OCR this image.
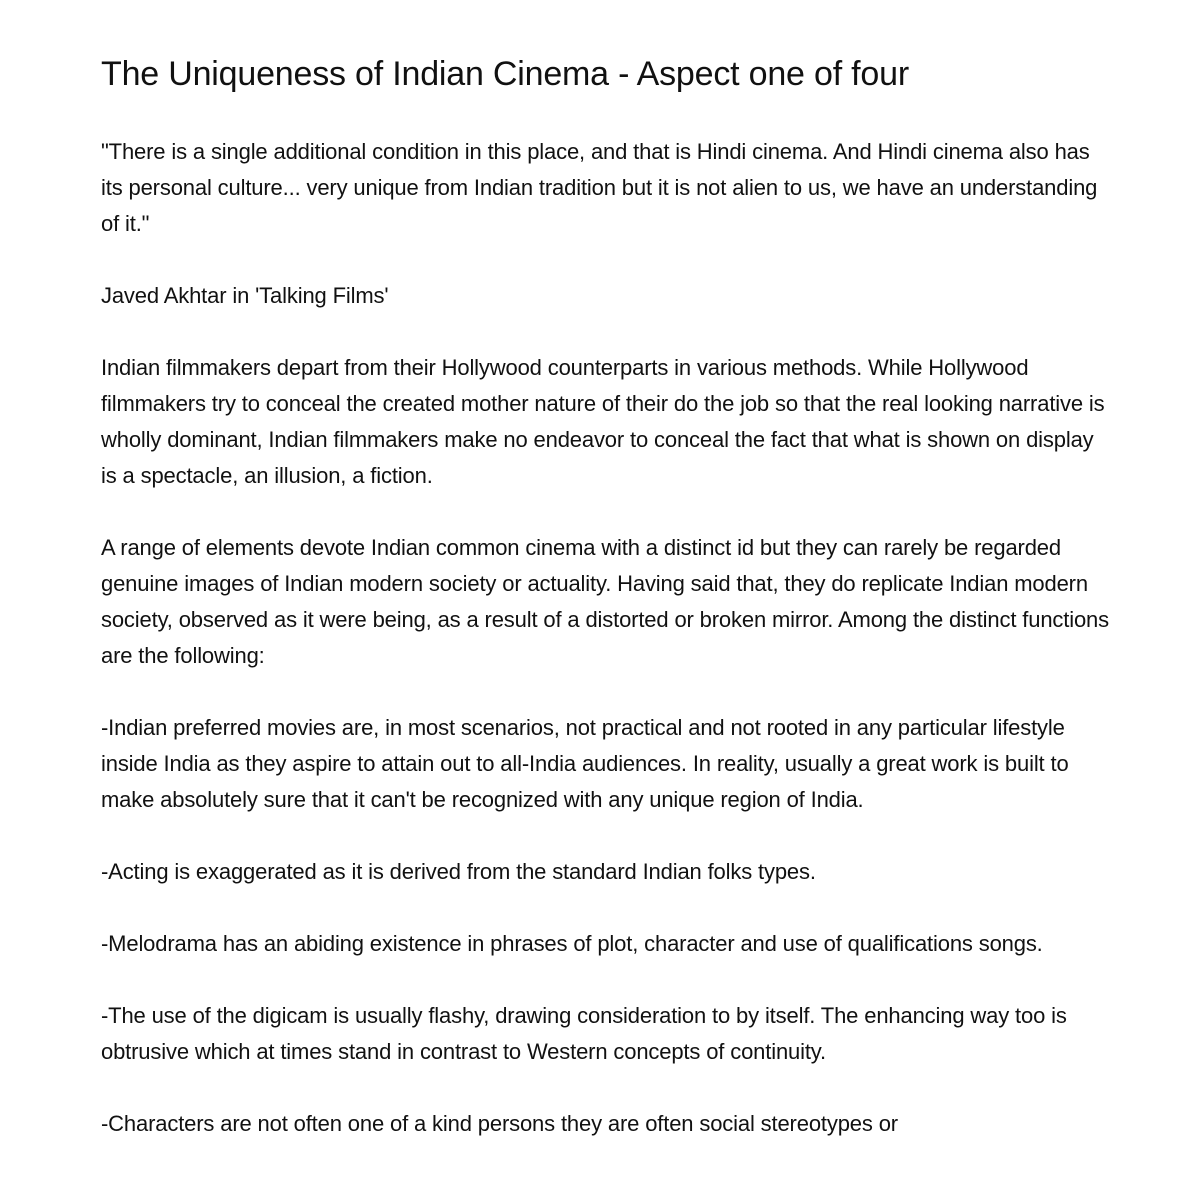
The Uniqueness of Indian Cinema - Aspect one of four

"There is a single additional condition in this place, and that is Hindi cinema. And Hindi cinema also has its personal culture... very unique from Indian tradition but it is not alien to us, we have an understanding of it."

Javed Akhtar in 'Talking Films'

Indian filmmakers depart from their Hollywood counterparts in various methods. While Hollywood filmmakers try to conceal the created mother nature of their do the job so that the real looking narrative is wholly dominant, Indian filmmakers make no endeavor to conceal the fact that what is shown on display is a spectacle, an illusion, a fiction.

A range of elements devote Indian common cinema with a distinct id but they can rarely be regarded genuine images of Indian modern society or actuality. Having said that, they do replicate Indian modern society, observed as it were being, as a result of a distorted or broken mirror. Among the distinct functions are the following:

-Indian preferred movies are, in most scenarios, not practical and not rooted in any particular lifestyle inside India as they aspire to attain out to all-India audiences. In reality, usually a great work is built to make absolutely sure that it can't be recognized with any unique region of India.

-Acting is exaggerated as it is derived from the standard Indian folks types.

-Melodrama has an abiding existence in phrases of plot, character and use of qualifications songs.

-The use of the digicam is usually flashy, drawing consideration to by itself. The enhancing way too is obtrusive which at times stand in contrast to Western concepts of continuity.

-Characters are not often one of a kind persons they are often social stereotypes or
